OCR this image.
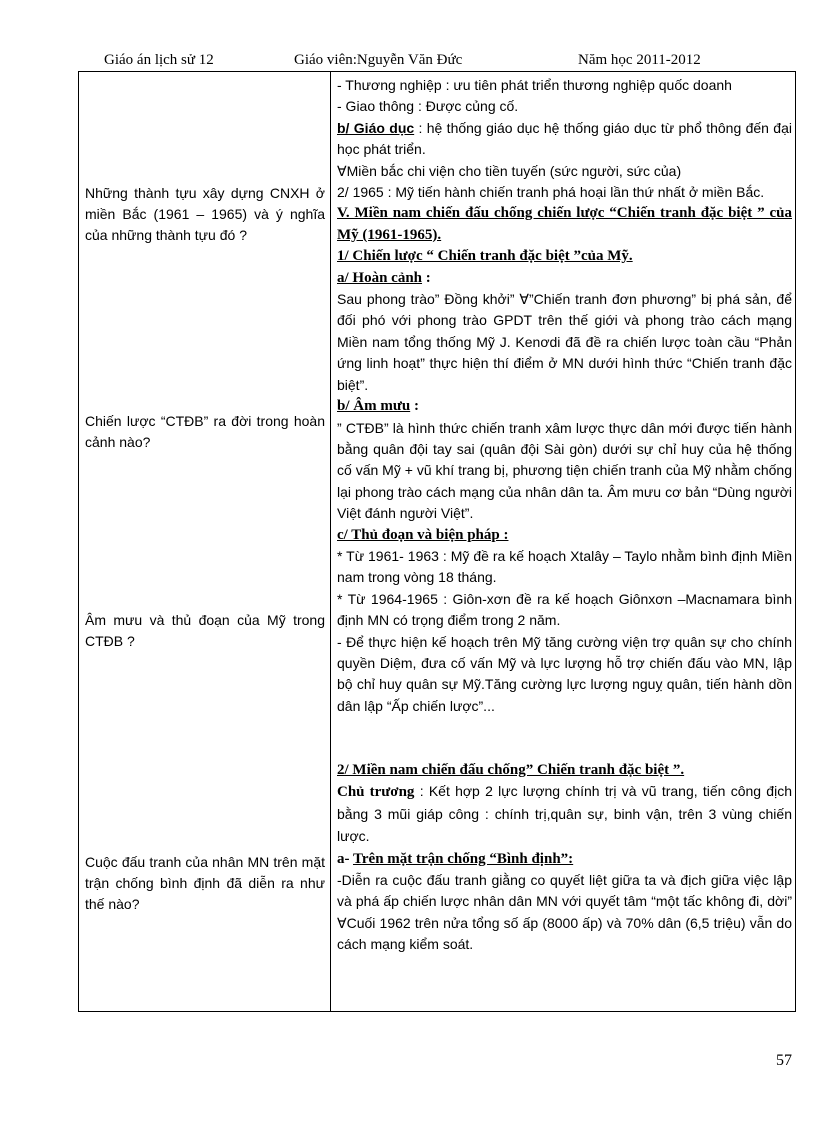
Giáo án lịch sử 12	Giáo viên:Nguyễn Văn Đức	Năm học 2011-2012
Những thành tựu xây dựng CNXH ở miền Bắc (1961 – 1965) và ý nghĩa của những thành tựu đó ?
Chiến lược “CTĐB” ra đời trong hoàn cảnh nào?
Âm mưu và thủ đoạn của Mỹ trong CTĐB ?
Cuộc đấu tranh của nhân MN trên mặt trận chống bình định đã diễn ra như thế nào?

- Thương nghiệp : ưu tiên phát triển thương nghiệp quốc doanh

- Giao thông : Được củng cố.

b/ Giáo dục : hệ thống giáo dục hệ thống giáo dục từ phổ thông đến đại học phát triển.

∀Miền bắc chi viện cho tiền tuyến (sức người, sức của)

2/ 1965 : Mỹ tiến hành chiến tranh phá hoại lần thứ nhất ở miền Bắc.

V. Miền nam chiến đấu chống chiến lược “Chiến tranh đặc biệt ” của Mỹ (1961-1965).

1/ Chiến lược “ Chiến tranh đặc biệt ”của Mỹ.

a/ Hoàn cảnh :

Sau phong trào” Đồng khởi” ∀”Chiến tranh đơn phương” bị phá sản, để đối phó với phong trào GPDT trên thế giới và phong trào cách mạng Miền nam tổng thống Mỹ J. Kenơdi đã đề ra chiến lược toàn cầu “Phản ứng linh hoạt” thực hiện thí điểm ở MN dưới hình thức “Chiến tranh đặc biệt”.

b/ Âm mưu :

” CTĐB” là hình thức chiến tranh xâm lược thực dân mới được tiến hành bằng quân đội tay sai (quân đội Sài gòn) dưới sự chỉ huy của hệ thống cố vấn Mỹ + vũ khí trang bị, phương tiện chiến tranh của Mỹ nhằm chống lại phong trào cách mạng của nhân dân ta. Âm mưu cơ bản “Dùng người Việt đánh người Việt”.

c/ Thủ đoạn và biện pháp :

* Từ 1961- 1963 : Mỹ đề ra kế hoạch Xtalây – Taylo nhằm bình định Miền nam trong vòng 18 tháng.

* Từ 1964-1965 : Giôn-xơn đề ra kế hoạch Giônxơn –Macnamara bình định MN có trọng điểm trong 2 năm.

- Để thực hiện kế hoạch trên Mỹ tăng cường viện trợ quân sự cho chính quyền Diệm, đưa cố vấn Mỹ và lực lượng hỗ trợ chiến đấu vào MN, lập bộ chỉ huy quân sự Mỹ.Tăng cường lực lượng nguỵ quân, tiến hành dồn dân lập “Ấp chiến lược”...

2/ Miền nam chiến đấu chống” Chiến tranh đặc biệt ”.

Chủ trương : Kết hợp 2 lực lượng chính trị và vũ trang, tiến công địch bằng 3 mũi giáp công : chính trị,quân sự, binh vận, trên 3 vùng chiến lược.

a- Trên mặt trận chống “Bình định”:

-Diễn ra cuộc đấu tranh giằng co quyết liệt giữa ta và địch giữa việc lập và phá ấp chiến lược nhân dân MN với quyết tâm “một tấc không đi, dời” ∀Cuối 1962 trên nửa tổng số ấp (8000 ấp) và 70% dân (6,5 triệu) vẫn do cách mạng kiểm soát.

57
